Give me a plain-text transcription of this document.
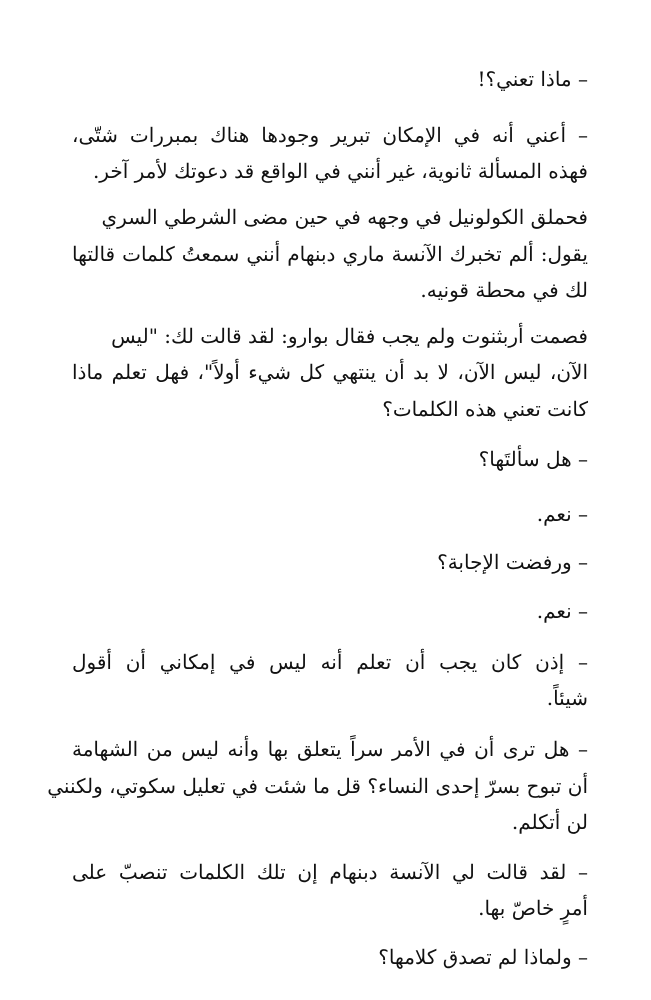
– ماذا تعني؟!

– أعني أنه في الإمكان تبرير وجودها هناك بمبررات شتّى،

فهذه المسألة ثانوية، غير أنني في الواقع قد دعوتك لأمر آخر.

فحملق الكولونيل في وجهه في حين مضى الشرطي السري

يقول: ألم تخبرك الآنسة ماري دبنهام أنني سمعتُ كلمات قالتها

لك في محطة قونيه.

فصمت أربثنوت ولم يجب فقال بوارو: لقد قالت لك: "ليس

الآن، ليس الآن، لا بد أن ينتهي كل شيء أولاً"، فهل تعلم ماذا

كانت تعني هذه الكلمات؟

– هل سألتَها؟

– نعم.

– ورفضت الإجابة؟

– نعم.

– إذن كان يجب أن تعلم أنه ليس في إمكاني أن أقول

شيئاً.

– هل ترى أن في الأمر سراً يتعلق بها وأنه ليس من الشهامة

أن تبوح بسرّ إحدى النساء؟ قل ما شئت في تعليل سكوتي، ولكنني

لن أتكلم.

– لقد قالت لي الآنسة دبنهام إن تلك الكلمات تنصبّ على

أمرٍ خاصّ بها.

– ولماذا لم تصدق كلامها؟
